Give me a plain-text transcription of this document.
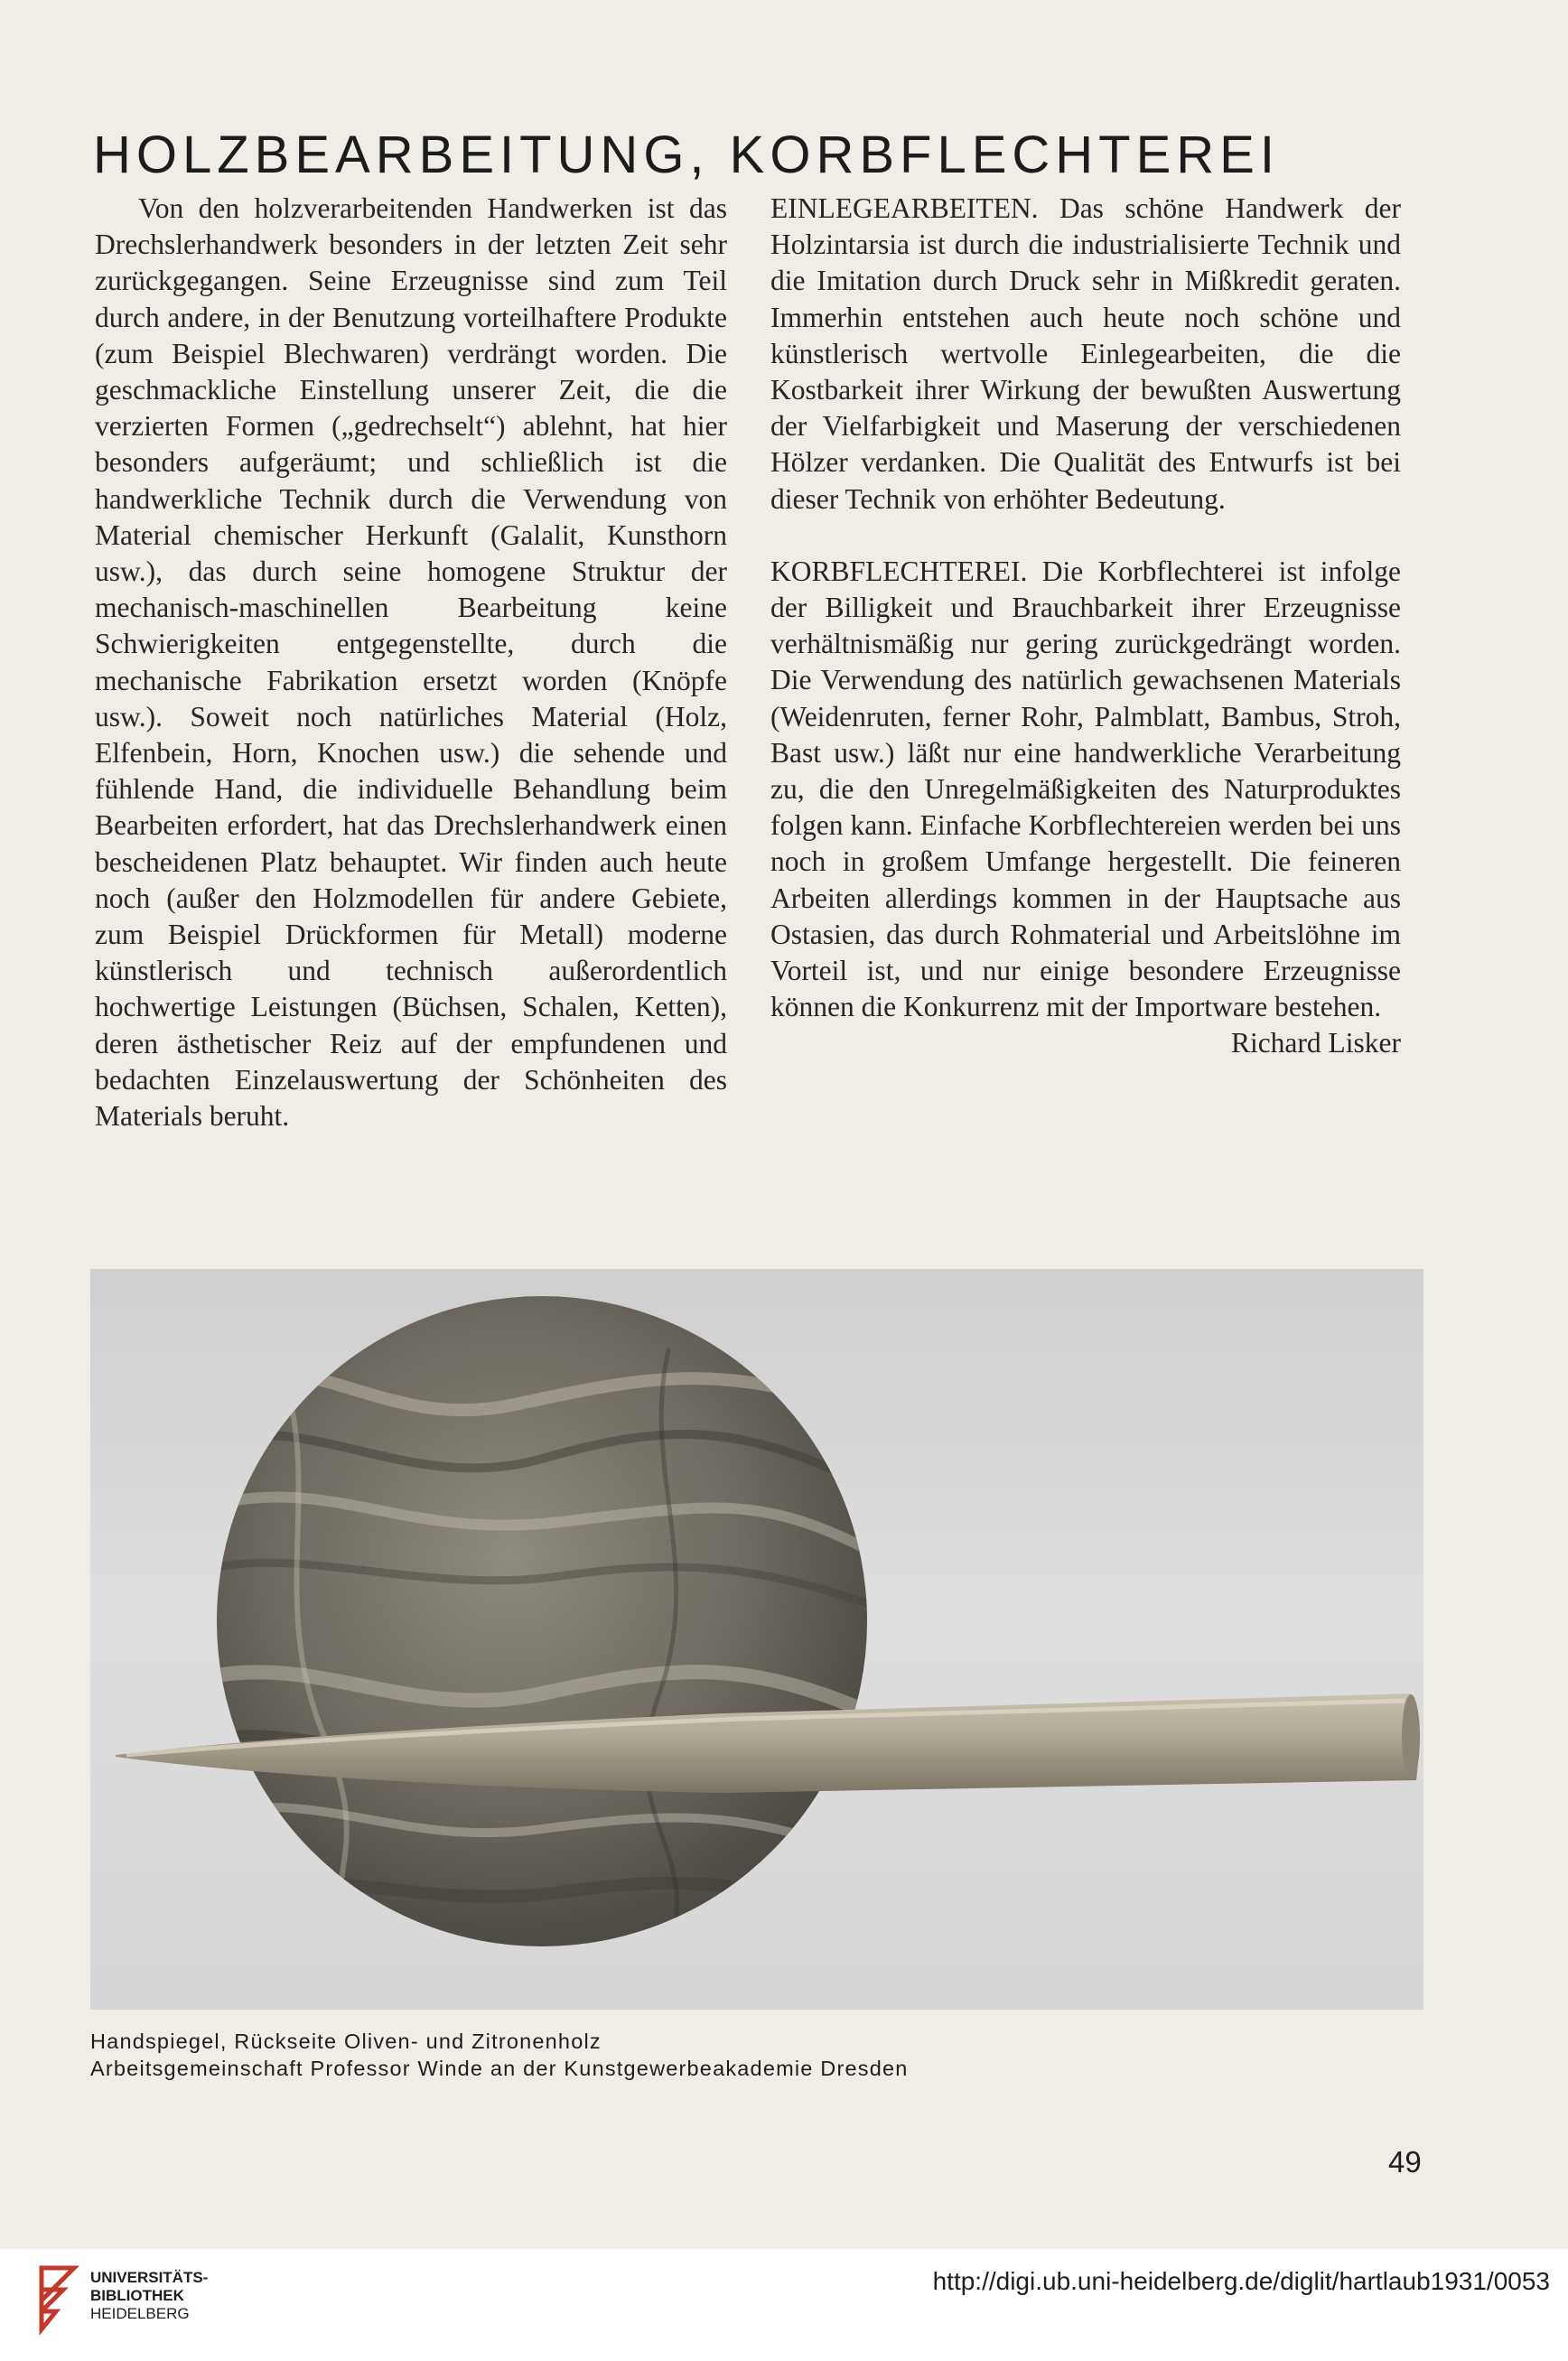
HOLZBEARBEITUNG, KORBFLECHTEREI

Von den holzverarbeitenden Handwerken ist das Drechslerhandwerk besonders in der letzten Zeit sehr zurückgegangen. Seine Erzeugnisse sind zum Teil durch andere, in der Benutzung vorteilhaftere Produkte (zum Beispiel Blechwaren) verdrängt worden. Die geschmackliche Einstellung unserer Zeit, die die verzierten Formen („gedrechselt“) ablehnt, hat hier besonders aufgeräumt; und schließlich ist die handwerkliche Technik durch die Verwendung von Material chemischer Herkunft (Galalit, Kunsthorn usw.), das durch seine homogene Struktur der mechanisch-maschinellen Bearbeitung keine Schwierigkeiten entgegenstellte, durch die mechanische Fabrikation ersetzt worden (Knöpfe usw.). Soweit noch natürliches Material (Holz, Elfenbein, Horn, Knochen usw.) die sehende und fühlende Hand, die individuelle Behandlung beim Bearbeiten erfordert, hat das Drechslerhandwerk einen bescheidenen Platz behauptet. Wir finden auch heute noch (außer den Holzmodellen für andere Gebiete, zum Beispiel Drückformen für Metall) moderne künstlerisch und technisch außerordentlich hochwertige Leistungen (Büchsen, Schalen, Ketten), deren ästhetischer Reiz auf der empfundenen und bedachten Einzelauswertung der Schönheiten des Materials beruht.

EINLEGEARBEITEN. Das schöne Handwerk der Holzintarsia ist durch die industrialisierte Technik und die Imitation durch Druck sehr in Mißkredit geraten. Immerhin entstehen auch heute noch schöne und künstlerisch wertvolle Einlegearbeiten, die die Kostbarkeit ihrer Wirkung der bewußten Auswertung der Vielfarbigkeit und Maserung der verschiedenen Hölzer verdanken. Die Qualität des Entwurfs ist bei dieser Technik von erhöhter Bedeutung.

KORBFLECHTEREI. Die Korbflechterei ist infolge der Billigkeit und Brauchbarkeit ihrer Erzeugnisse verhältnismäßig nur gering zurückgedrängt worden. Die Verwendung des natürlich gewachsenen Materials (Weidenruten, ferner Rohr, Palmblatt, Bambus, Stroh, Bast usw.) läßt nur eine handwerkliche Verarbeitung zu, die den Unregelmäßigkeiten des Naturproduktes folgen kann. Einfache Korbflechtereien werden bei uns noch in großem Umfange hergestellt. Die feineren Arbeiten allerdings kommen in der Hauptsache aus Ostasien, das durch Rohmaterial und Arbeitslöhne im Vorteil ist, und nur einige besondere Erzeugnisse können die Konkurrenz mit der Importware bestehen.

Richard Lisker

Handspiegel, Rückseite Oliven- und Zitronenholz
Arbeitsgemeinschaft Professor Winde an der Kunstgewerbeakademie Dresden
49
UNIVERSITÄTS-
BIBLIOTHEK
HEIDELBERG
http://digi.ub.uni-heidelberg.de/diglit/hartlaub1931/0053
